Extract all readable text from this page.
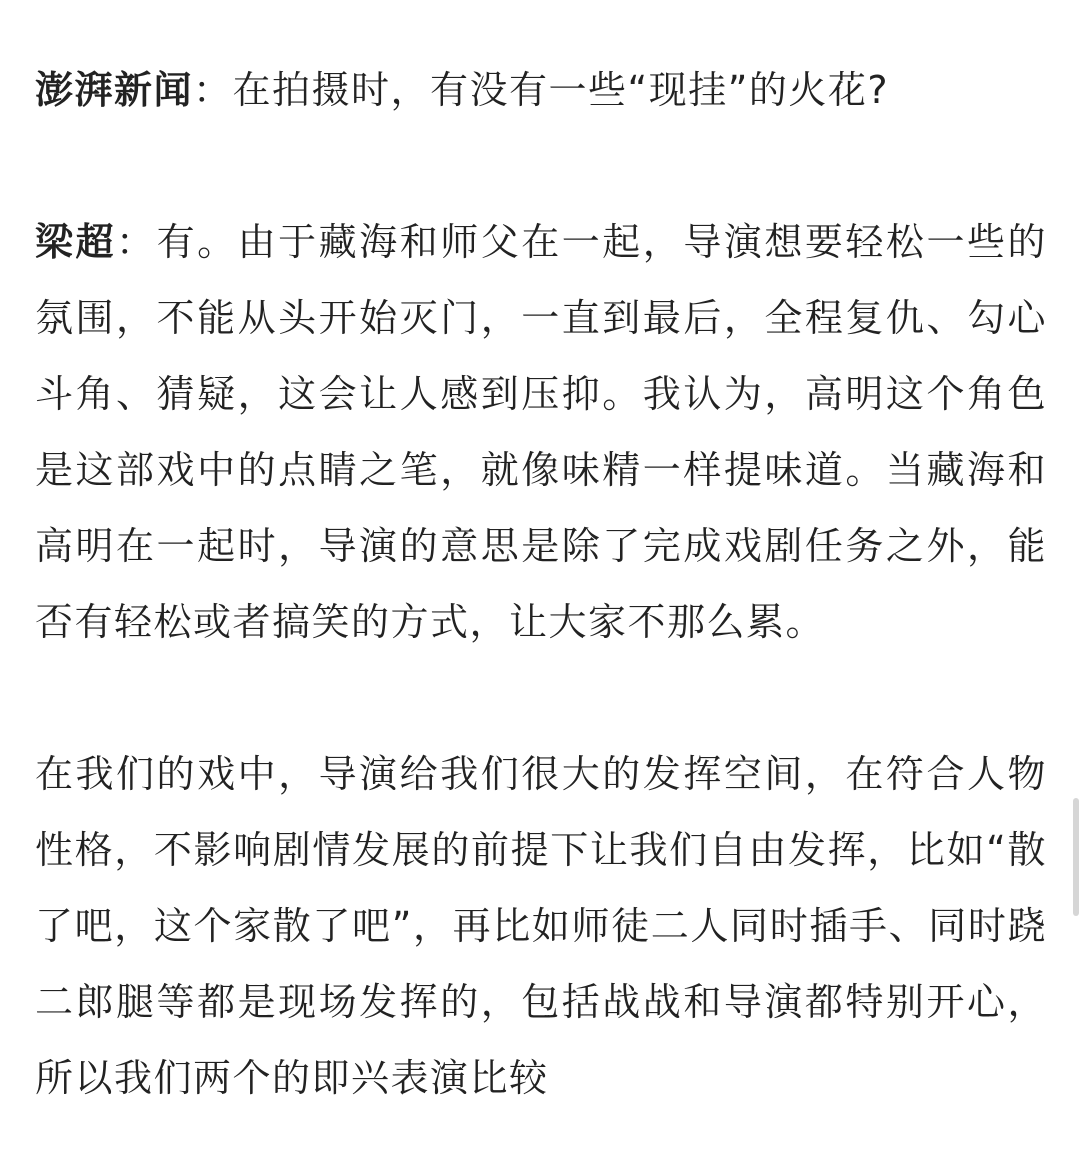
澎湃新闻：在拍摄时，有没有一些“现挂”的火花?

梁超：有。由于藏海和师父在一起，导演想要轻松一些的氛围，不能从头开始灭门，一直到最后，全程复仇、勾心斗角、猜疑，这会让人感到压抑。我认为，高明这个角色是这部戏中的点睛之笔，就像味精一样提味道。当藏海和高明在一起时，导演的意思是除了完成戏剧任务之外，能否有轻松或者搞笑的方式，让大家不那么累。

在我们的戏中，导演给我们很大的发挥空间，在符合人物性格，不影响剧情发展的前提下让我们自由发挥，比如“散了吧，这个家散了吧”，再比如师徒二人同时插手、同时跷二郎腿等都是现场发挥的，包括战战和导演都特别开心，所以我们两个的即兴表演比较
